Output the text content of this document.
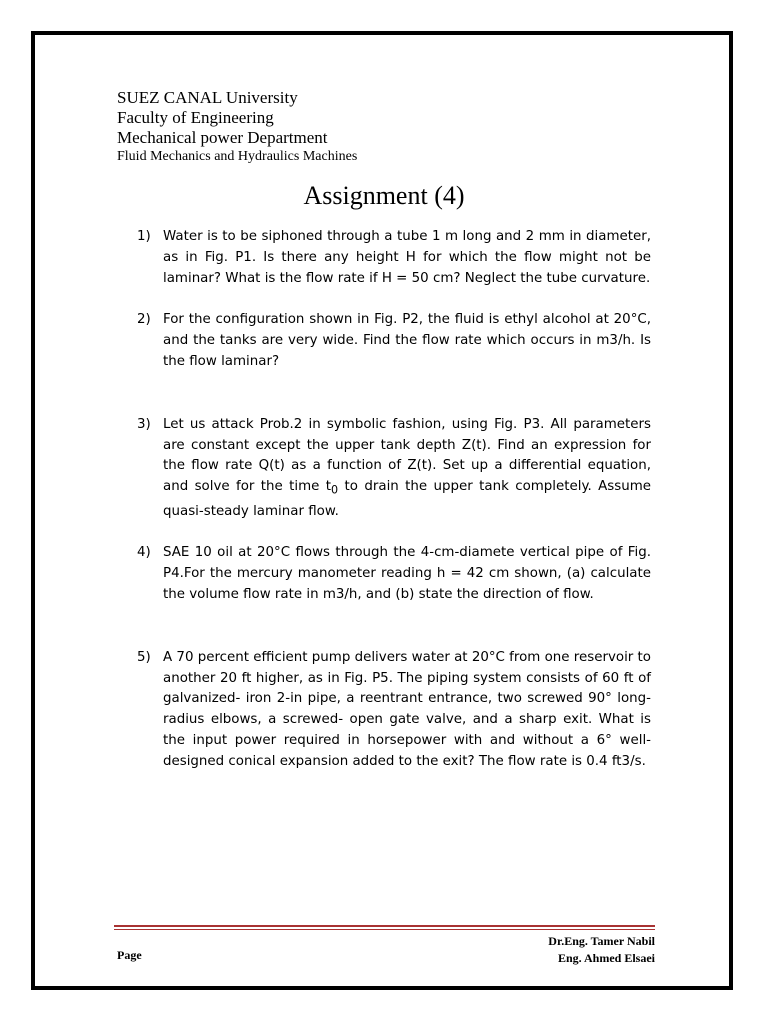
SUEZ CANAL University
Faculty of Engineering
Mechanical power Department
Fluid Mechanics and Hydraulics Machines
Assignment (4)
1) Water is to be siphoned through a tube 1 m long and 2 mm in diameter, as in Fig. P1. Is there any height H for which the flow might not be laminar? What is the flow rate if H = 50 cm? Neglect the tube curvature.
2) For the configuration shown in Fig. P2, the fluid is ethyl alcohol at 20°C, and the tanks are very wide. Find the flow rate which occurs in m3/h. Is the flow laminar?
3) Let us attack Prob.2 in symbolic fashion, using Fig. P3. All parameters are constant except the upper tank depth Z(t). Find an expression for the flow rate Q(t) as a function of Z(t). Set up a differential equation, and solve for the time $t_0$ to drain the upper tank completely. Assume quasi-steady laminar flow.
4) SAE 10 oil at 20°C flows through the 4-cm-diamete vertical pipe of Fig. P4.For the mercury manometer reading h = 42 cm shown, (a) calculate the volume flow rate in m3/h, and (b) state the direction of flow.
5) A 70 percent efficient pump delivers water at 20°C from one reservoir to another 20 ft higher, as in Fig. P5. The piping system consists of 60 ft of galvanized- iron 2-in pipe, a reentrant entrance, two screwed 90° long-radius elbows, a screwed- open gate valve, and a sharp exit. What is the input power required in horsepower with and without a 6° well-designed conical expansion added to the exit? The flow rate is 0.4 ft3/s.
Page
Dr.Eng. Tamer Nabil
Eng. Ahmed Elsaei
